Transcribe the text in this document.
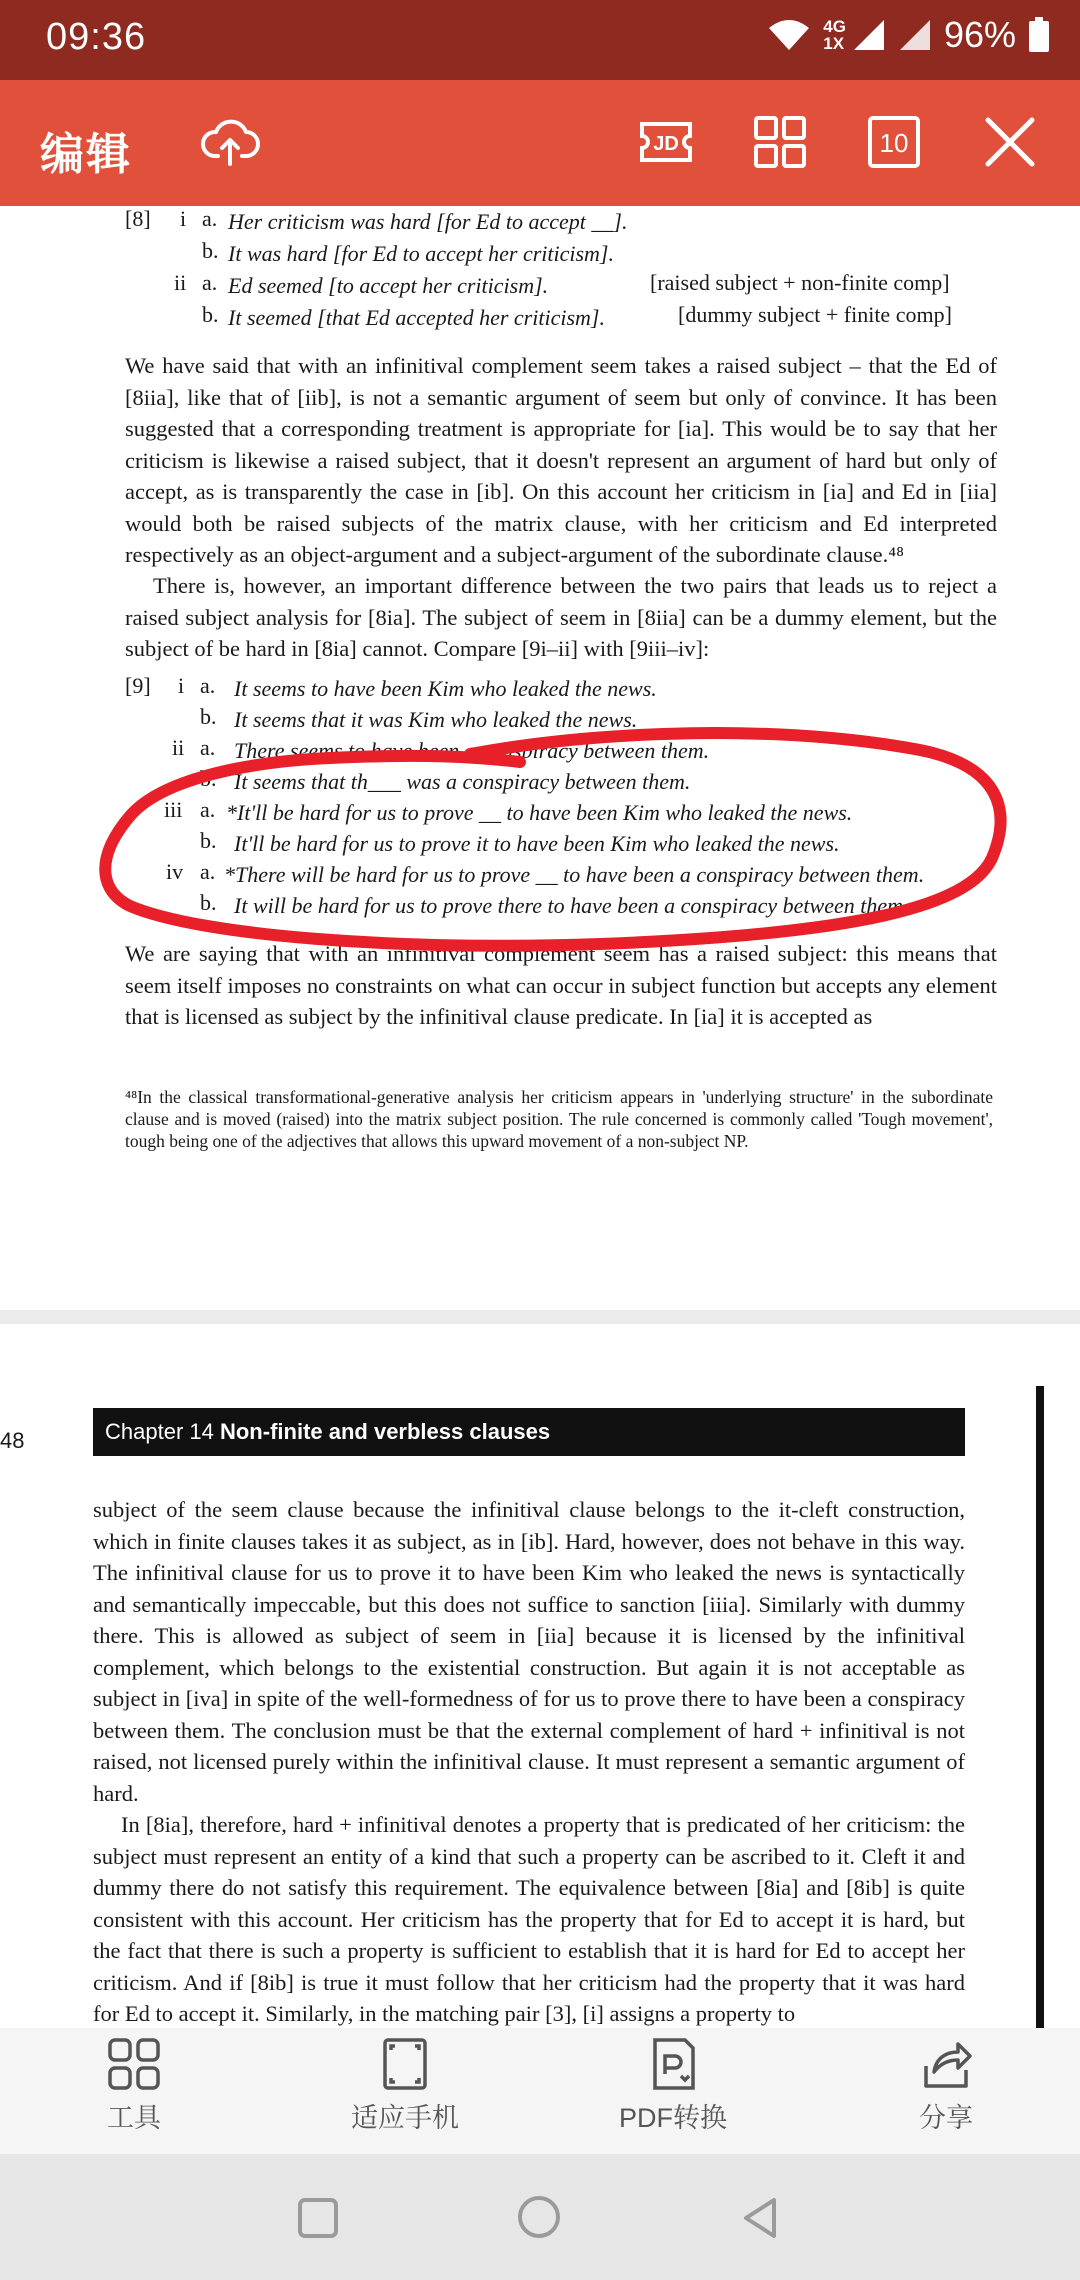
09:36	4G
1X	96%
编辑	JD	10
[8] i a. Her criticism was hard [for Ed to accept __].
b. It was hard [for Ed to accept her criticism].
ii a. Ed seemed [to accept her criticism].	[raised subject + non-finite comp]
b. It seemed [that Ed accepted her criticism].	[dummy subject + finite comp]

We have said that with an infinitival complement seem takes a raised subject – that the Ed of [8iia], like that of [iib], is not a semantic argument of seem but only of convince. It has been suggested that a corresponding treatment is appropriate for [ia]. This would be to say that her criticism is likewise a raised subject, that it doesn't represent an argument of hard but only of accept, as is transparently the case in [ib]. On this account her criticism in [ia] and Ed in [iia] would both be raised subjects of the matrix clause, with her criticism and Ed interpreted respectively as an object-argument and a subject-argument of the subordinate clause.⁴⁸

There is, however, an important difference between the two pairs that leads us to reject a raised subject analysis for [8ia]. The subject of seem in [8iia] can be a dummy element, but the subject of be hard in [8ia] cannot. Compare [9i–ii] with [9iii–iv]:

[9] i a. It seems to have been Kim who leaked the news.
b. It seems that it was Kim who leaked the news.
ii a. There seems to have been a conspiracy between them.
b. It seems that th___ was a conspiracy between them.
iii a. *It'll be hard for us to prove __ to have been Kim who leaked the news.
b. It'll be hard for us to prove it to have been Kim who leaked the news.
iv a. *There will be hard for us to prove __ to have been a conspiracy between them.
b. It will be hard for us to prove there to have been a conspiracy between them.

We are saying that with an infinitival complement seem has a raised subject: this means that seem itself imposes no constraints on what can occur in subject function but accepts any element that is licensed as subject by the infinitival clause predicate. In [ia] it is accepted as

⁴⁸In the classical transformational-generative analysis her criticism appears in 'underlying structure' in the subordinate clause and is moved (raised) into the matrix subject position. The rule concerned is commonly called 'Tough movement', tough being one of the adjectives that allows this upward movement of a non-subject NP.

48	Chapter 14 Non-finite and verbless clauses

subject of the seem clause because the infinitival clause belongs to the it-cleft construction, which in finite clauses takes it as subject, as in [ib]. Hard, however, does not behave in this way. The infinitival clause for us to prove it to have been Kim who leaked the news is syntactically and semantically impeccable, but this does not suffice to sanction [iiia]. Similarly with dummy there. This is allowed as subject of seem in [iia] because it is licensed by the infinitival complement, which belongs to the existential construction. But again it is not acceptable as subject in [iva] in spite of the well-formedness of for us to prove there to have been a conspiracy between them. The conclusion must be that the external complement of hard + infinitival is not raised, not licensed purely within the infinitival clause. It must represent a semantic argument of hard.

In [8ia], therefore, hard + infinitival denotes a property that is predicated of her criticism: the subject must represent an entity of a kind that such a property can be ascribed to it. Cleft it and dummy there do not satisfy this requirement. The equivalence between [8ia] and [8ib] is quite consistent with this account. Her criticism has the property that for Ed to accept it is hard, but the fact that there is such a property is sufficient to establish that it is hard for Ed to accept her criticism. And if [8ib] is true it must follow that her criticism had the property that it was hard for Ed to accept it. Similarly, in the matching pair [3], [i] assigns a property to

工具	适应手机	PDF转换	分享
